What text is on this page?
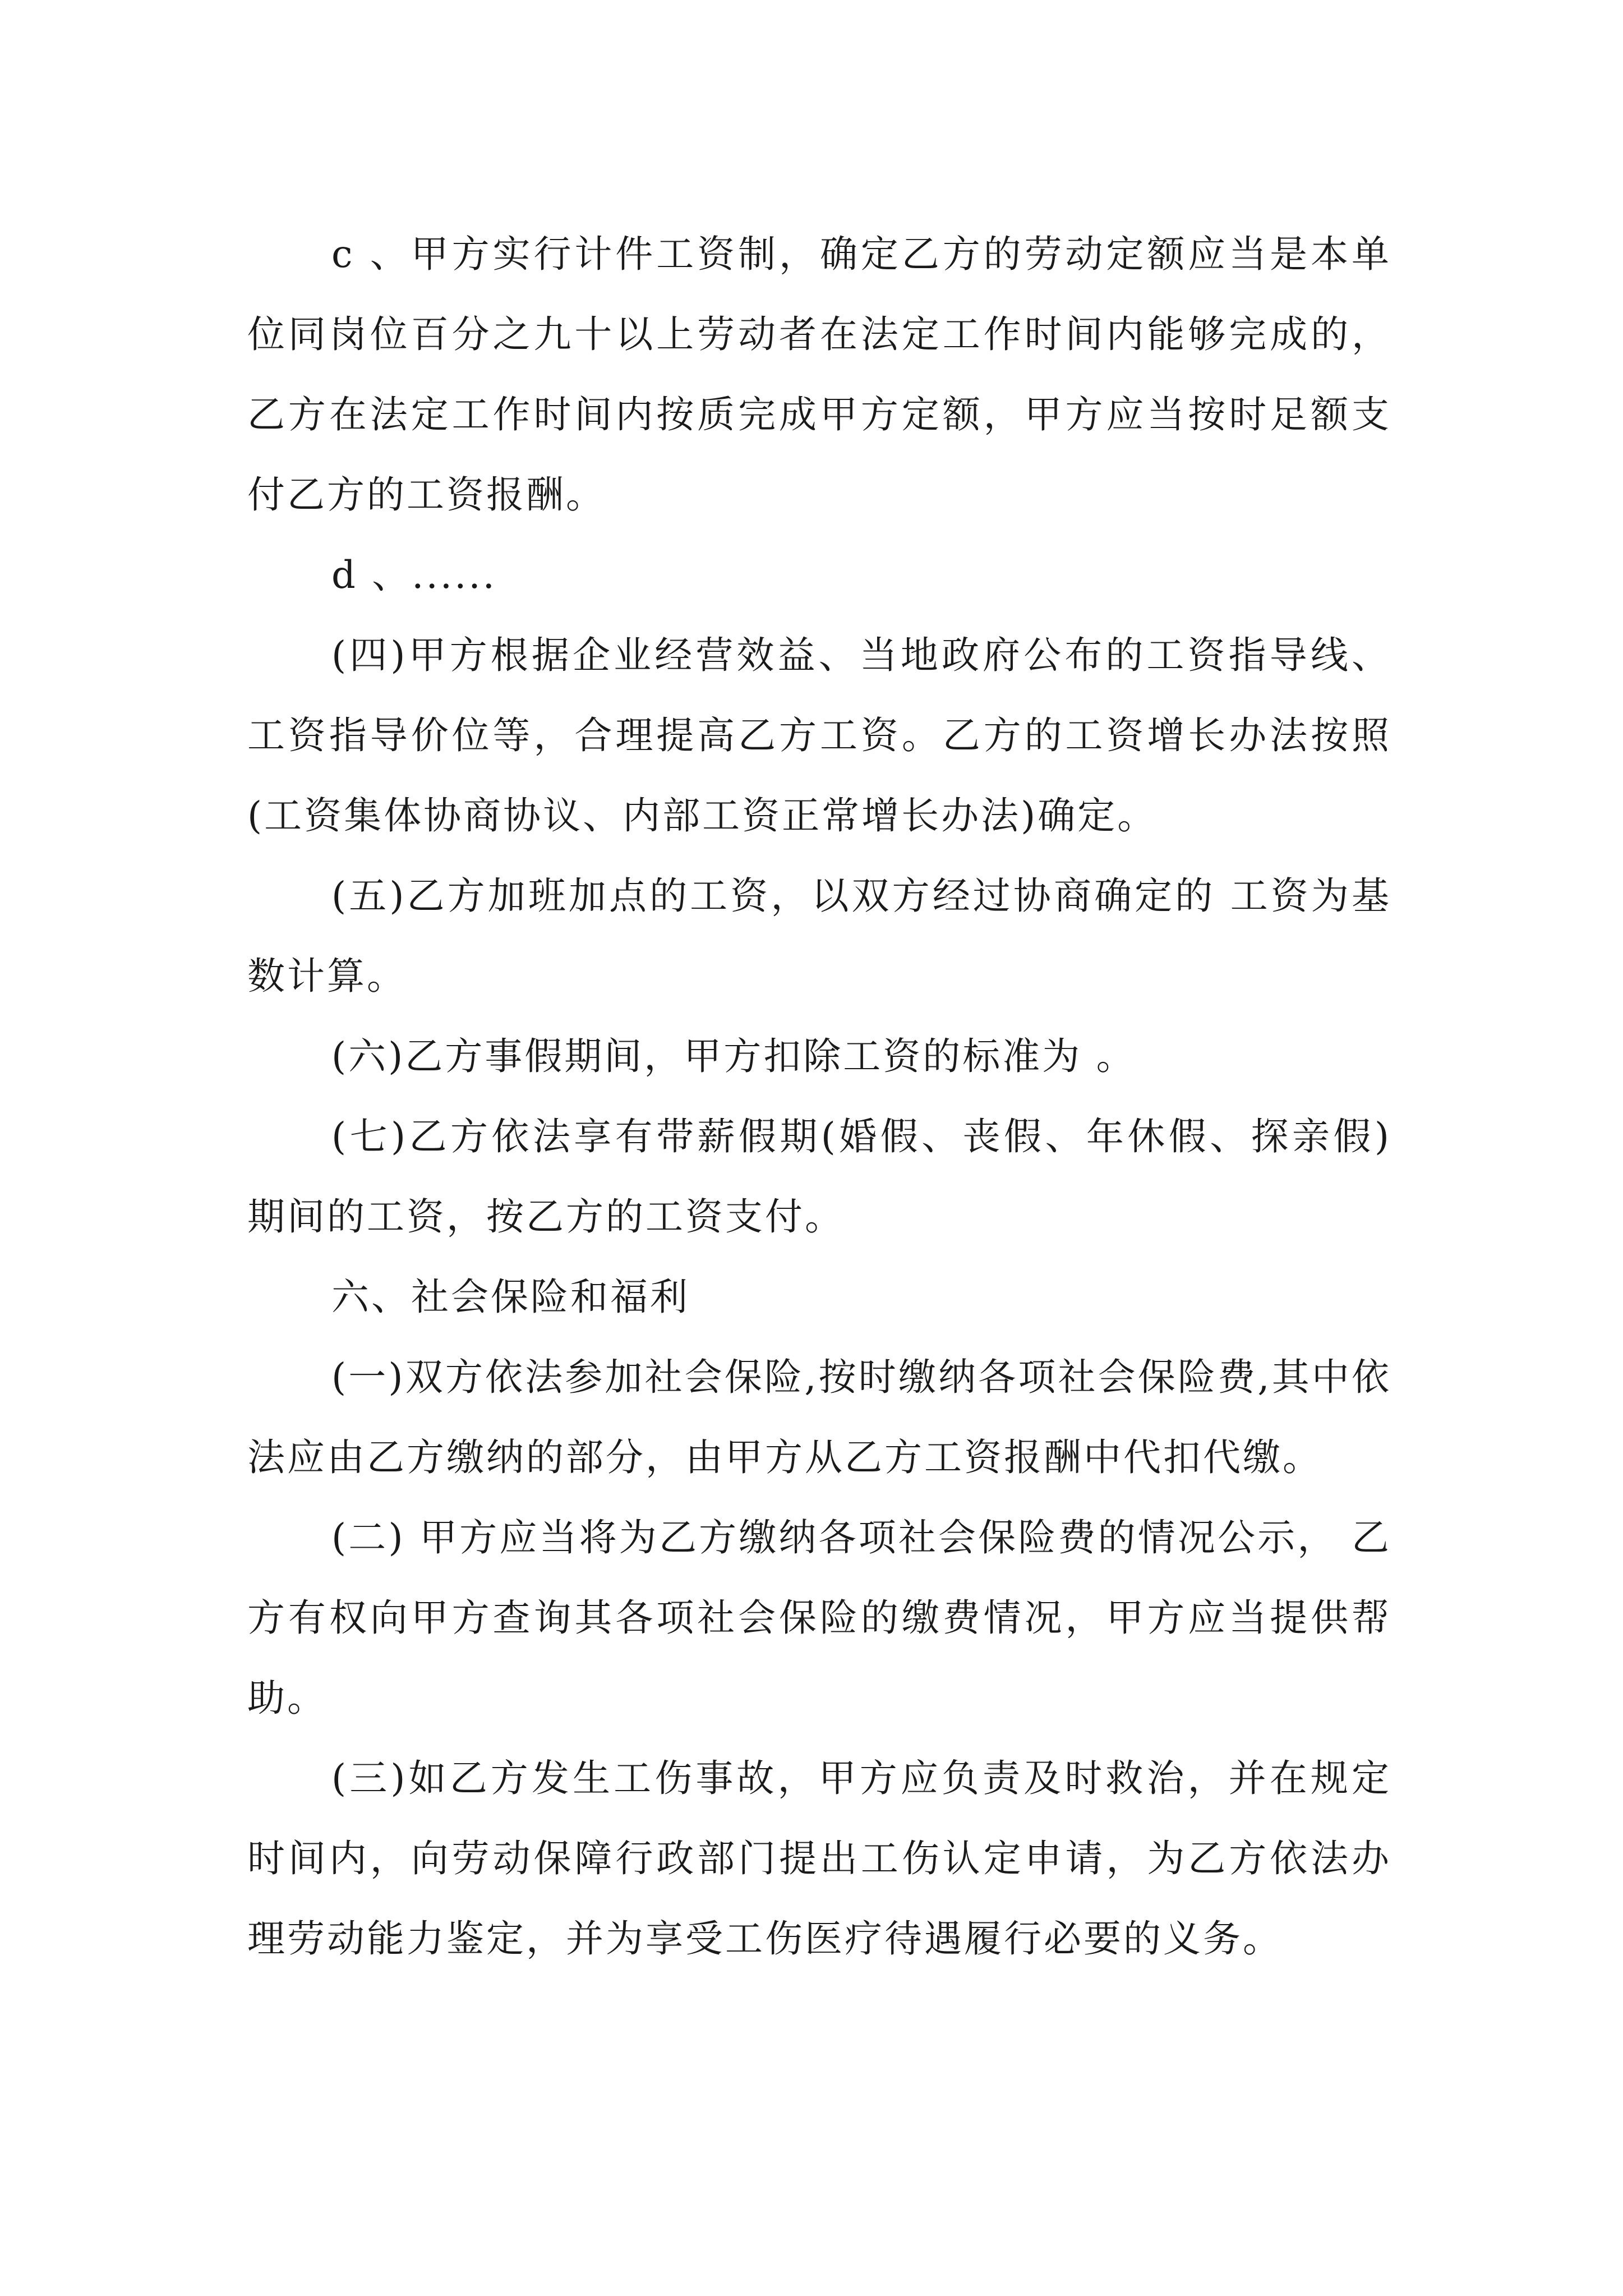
c 、甲方实行计件工资制，确定乙方的劳动定额应当是本单位同岗位百分之九十以上劳动者在法定工作时间内能够完成的，乙方在法定工作时间内按质完成甲方定额，甲方应当按时足额支付乙方的工资报酬。

d 、......

(四)甲方根据企业经营效益、当地政府公布的工资指导线、工资指导价位等，合理提高乙方工资。乙方的工资增长办法按照(工资集体协商协议、内部工资正常增长办法)确定。

(五)乙方加班加点的工资，以双方经过协商确定的 工资为基数计算。

(六)乙方事假期间，甲方扣除工资的标准为 。

(七)乙方依法享有带薪假期(婚假、丧假、年休假、探亲假)期间的工资，按乙方的工资支付。

六、社会保险和福利

(一)双方依法参加社会保险,按时缴纳各项社会保险费,其中依法应由乙方缴纳的部分，由甲方从乙方工资报酬中代扣代缴。

(二) 甲方应当将为乙方缴纳各项社会保险费的情况公示， 乙方有权向甲方查询其各项社会保险的缴费情况，甲方应当提供帮助。

(三)如乙方发生工伤事故，甲方应负责及时救治，并在规定时间内，向劳动保障行政部门提出工伤认定申请，为乙方依法办理劳动能力鉴定，并为享受工伤医疗待遇履行必要的义务。
